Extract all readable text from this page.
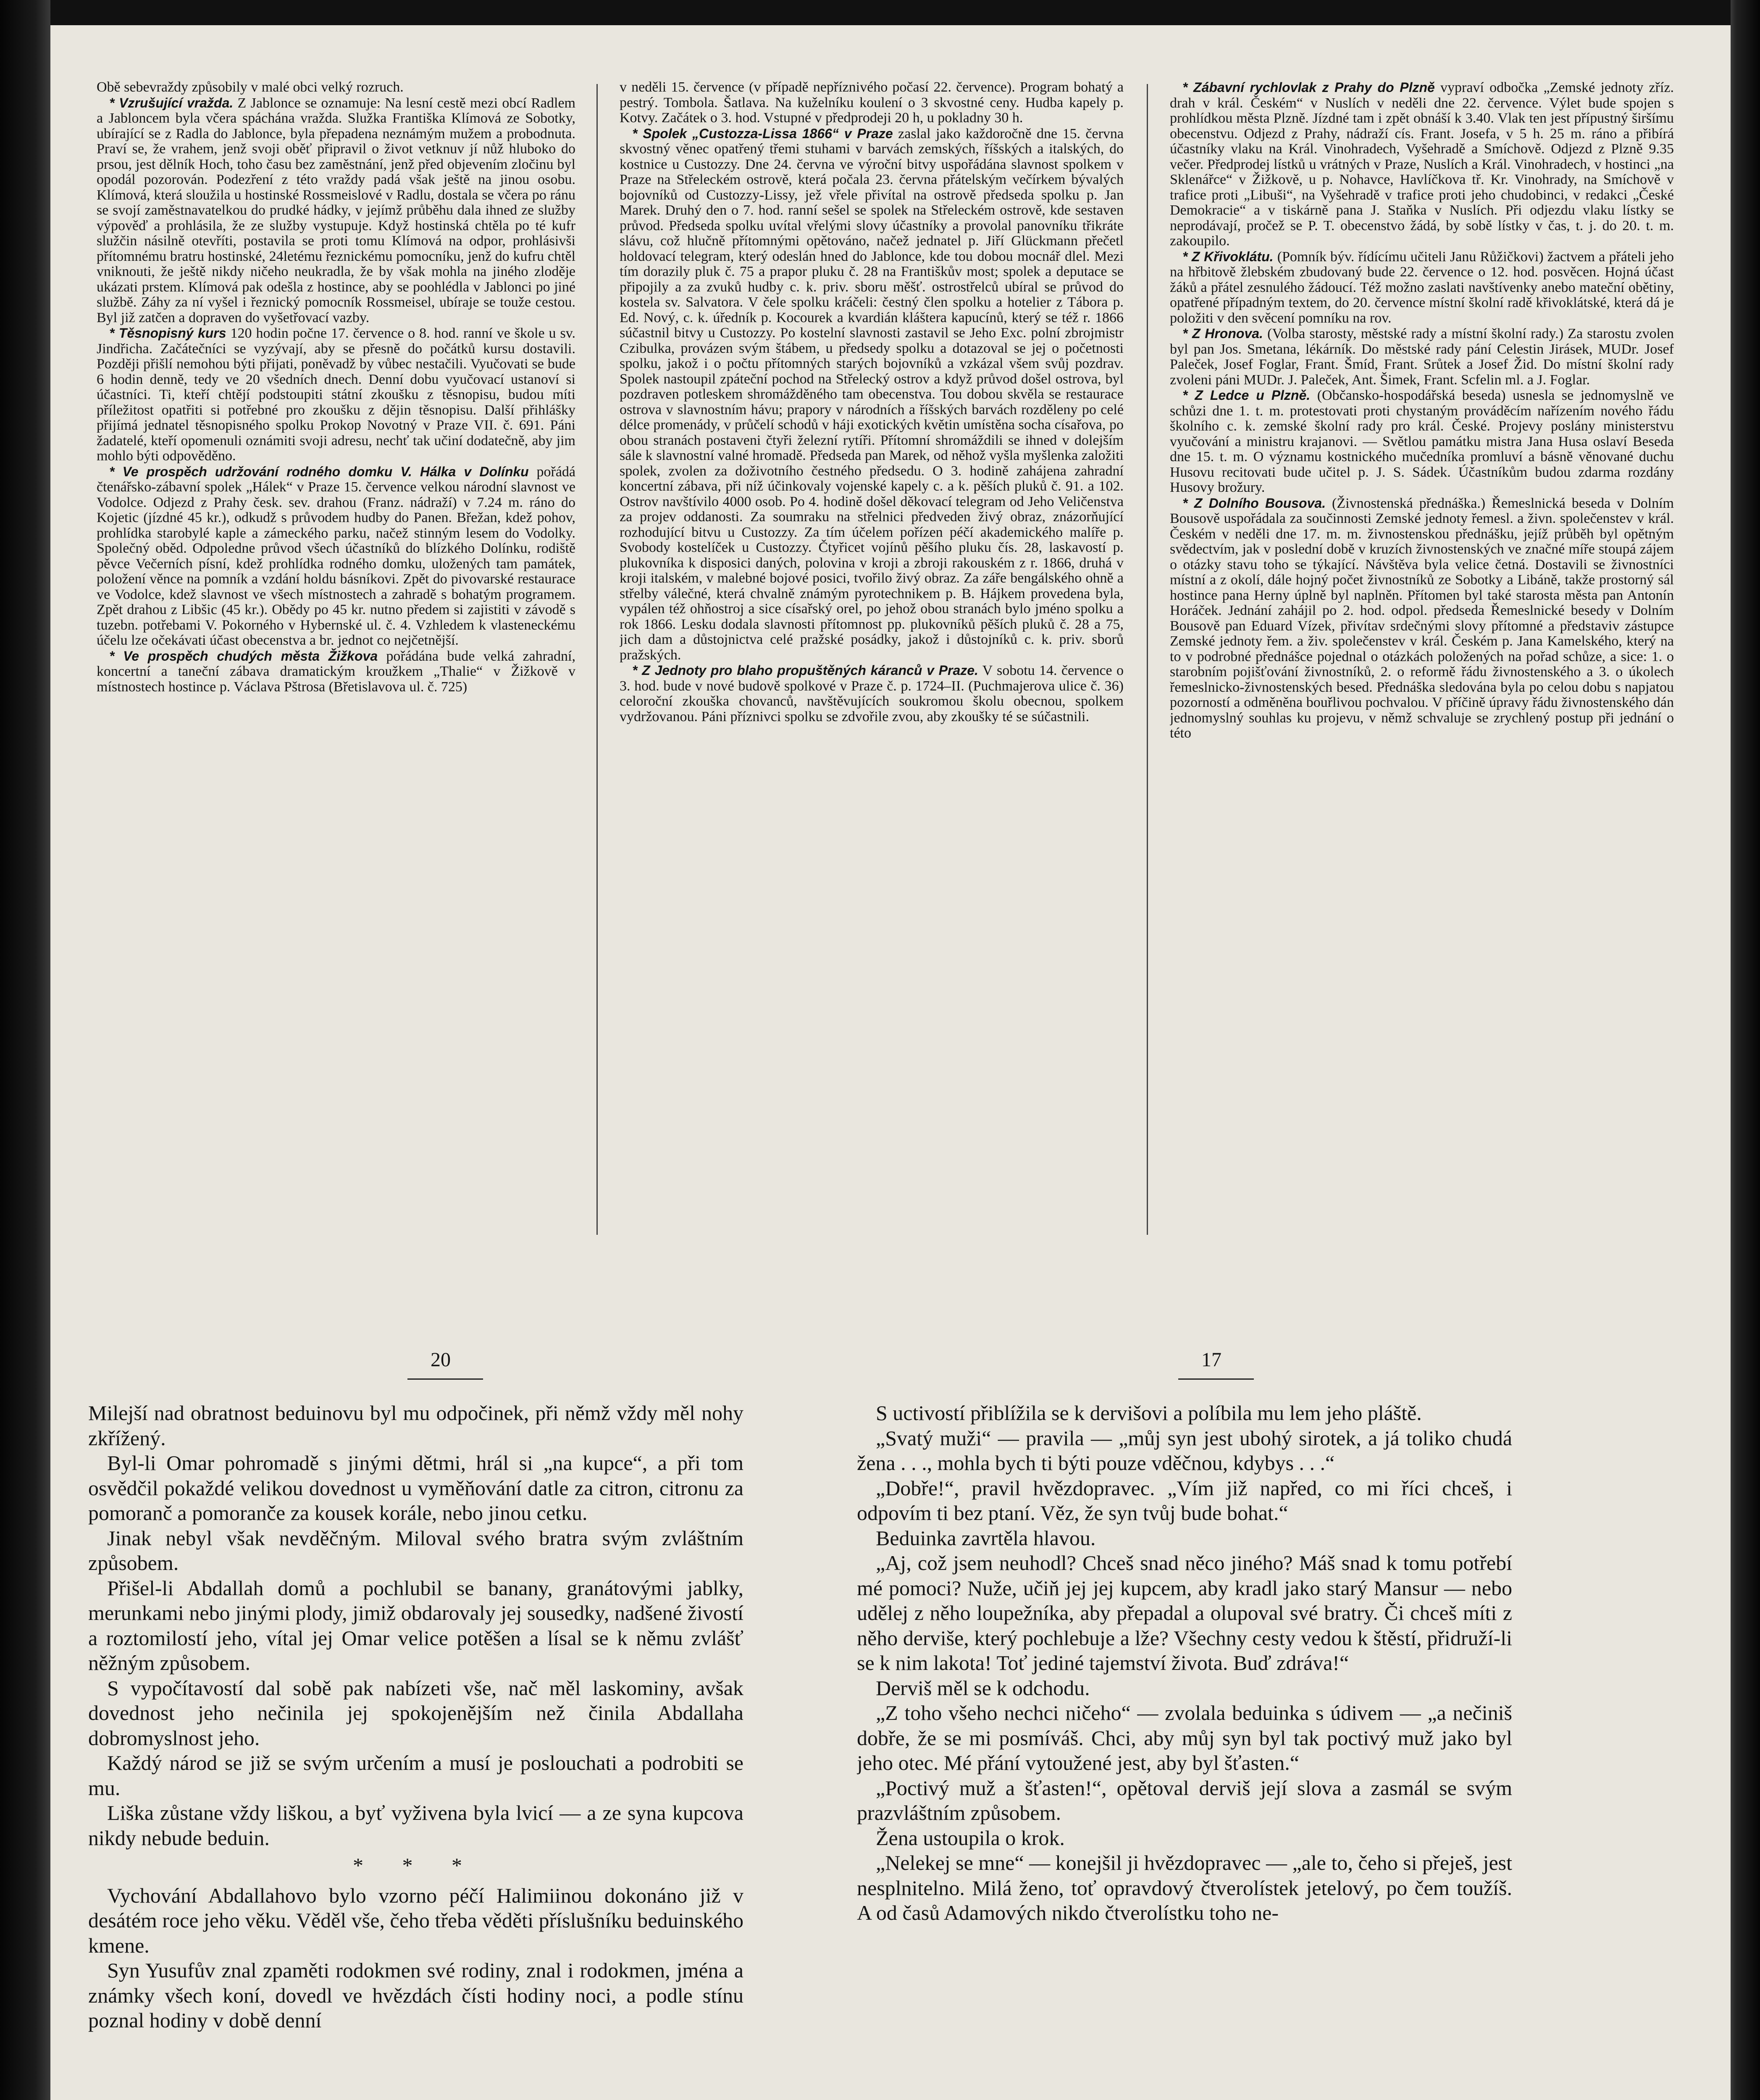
Obě sebevraždy způsobily v malé obci velký rozruch.

* Vzrušující vražda. Z Jablonce se oznamuje: Na lesní cestě mezi obcí Radlem a Jabloncem byla včera spáchána vražda. Služka Františka Klímová ze Sobotky, ubírající se z Radla do Jablonce, byla přepadena neznámým mužem a probodnuta. Praví se, že vrahem, jenž svoji oběť připravil o život vetknuv jí nůž hluboko do prsou, jest dělník Hoch, toho času bez zaměstnání, jenž před objevením zločinu byl opodál pozorován. Podezření z této vraždy padá však ještě na jinou osobu. Klímová, která sloužila u hostinské Rossmeislové v Radlu, dostala se včera po ránu se svojí zaměstnavatelkou do prudké hádky, v jejímž průběhu dala ihned ze služby výpověď a prohlásila, že ze služby vystupuje. Když hostinská chtěla po té kufr služčin násilně otevříti, postavila se proti tomu Klímová na odpor, prohlásivši přítomnému bratru hostinské, 24letému řeznickému pomocníku, jenž do kufru chtěl vniknouti, že ještě nikdy ničeho neukradla, že by však mohla na jiného zloděje ukázati prstem. Klímová pak odešla z hostince, aby se poohlédla v Jablonci po jiné službě. Záhy za ní vyšel i řeznický pomocník Rossmeisel, ubíraje se touže cestou. Byl již zatčen a dopraven do vyšetřovací vazby.

* Těsnopisný kurs 120 hodin počne 17. července o 8. hod. ranní ve škole u sv. Jindřicha. Začátečníci se vyzývají, aby se přesně do počátků kursu dostavili. Později přišlí nemohou býti přijati, poněvadž by vůbec nestačili. Vyučovati se bude 6 hodin denně, tedy ve 20 všedních dnech. Denní dobu vyučovací ustanoví si účastníci. Ti, kteří chtějí podstoupiti státní zkoušku z těsnopisu, budou míti příležitost opatřiti si potřebné pro zkoušku z dějin těsnopisu. Další přihlášky přijímá jednatel těsnopisného spolku Prokop Novotný v Praze VII. č. 691. Páni žadatelé, kteří opomenuli oznámiti svoji adresu, nechť tak učiní dodatečně, aby jim mohlo býti odpověděno.

* Ve prospěch udržování rodného domku V. Hálka v Dolínku pořádá čtenářsko-zábavní spolek „Hálek“ v Praze 15. července velkou národní slavnost ve Vodolce. Odjezd z Prahy česk. sev. drahou (Franz. nádraží) v 7.24 m. ráno do Kojetic (jízdné 45 kr.), odkudž s průvodem hudby do Panen. Břežan, kdež pohov, prohlídka starobylé kaple a zámeckého parku, načež stinným lesem do Vodolky. Společný oběd. Odpoledne průvod všech účastníků do blízkého Dolínku, rodiště pěvce Večerních písní, kdež prohlídka rodného domku, uložených tam památek, položení věnce na pomník a vzdání holdu básníkovi. Zpět do pivovarské restaurace ve Vodolce, kdež slavnost ve všech místnostech a zahradě s bohatým programem. Zpět drahou z Libšic (45 kr.). Obědy po 45 kr. nutno předem si zajistiti v závodě s tuzebn. potřebami V. Pokorného v Hybernské ul. č. 4. Vzhledem k vlasteneckému účelu lze očekávati účast obecenstva a br. jednot co nejčetnější.

* Ve prospěch chudých města Žižkova pořádána bude velká zahradní, koncertní a taneční zábava dramatickým kroužkem „Thalie“ v Žižkově v místnostech hostince p. Václava Pštrosa (Břetislavova ul. č. 725)

v neděli 15. července (v případě nepříznivého počasí 22. července). Program bohatý a pestrý. Tombola. Šatlava. Na kuželníku koulení o 3 skvostné ceny. Hudba kapely p. Kotvy. Začátek o 3. hod. Vstupné v předprodeji 20 h, u pokladny 30 h.

* Spolek „Custozza-Lissa 1866“ v Praze zaslal jako každoročně dne 15. června skvostný věnec opatřený třemi stuhami v barvách zemských, říšských a italských, do kostnice u Custozzy. Dne 24. června ve výroční bitvy uspořádána slavnost spolkem v Praze na Střeleckém ostrově, která počala 23. června přátelským večírkem bývalých bojovníků od Custozzy-Lissy, jež vřele přivítal na ostrově předseda spolku p. Jan Marek. Druhý den o 7. hod. ranní sešel se spolek na Střeleckém ostrově, kde sestaven průvod. Předseda spolku uvítal vřelými slovy účastníky a provolal panovníku třikráte slávu, což hlučně přítomnými opětováno, načež jednatel p. Jiří Glückmann přečetl holdovací telegram, který odeslán hned do Jablonce, kde tou dobou mocnář dlel. Mezi tím dorazily pluk č. 75 a prapor pluku č. 28 na Františkův most; spolek a deputace se připojily a za zvuků hudby c. k. priv. sboru měšť. ostrostřelců ubíral se průvod do kostela sv. Salvatora. V čele spolku kráčeli: čestný člen spolku a hotelier z Tábora p. Ed. Nový, c. k. úředník p. Kocourek a kvardián kláštera kapucínů, který se též r. 1866 súčastnil bitvy u Custozzy. Po kostelní slavnosti zastavil se Jeho Exc. polní zbrojmistr Czibulka, provázen svým štábem, u předsedy spolku a dotazoval se jej o početnosti spolku, jakož i o počtu přítomných starých bojovníků a vzkázal všem svůj pozdrav. Spolek nastoupil zpáteční pochod na Střelecký ostrov a když průvod došel ostrova, byl pozdraven potleskem shromážděného tam obecenstva. Tou dobou skvěla se restaurace ostrova v slavnostním hávu; prapory v národních a říšských barvách rozděleny po celé délce promenády, v průčelí schodů v háji exotických květin umístěna socha císařova, po obou stranách postaveni čtyři železní rytíři. Přítomní shromáždili se ihned v dolejším sále k slavnostní valné hromadě. Předseda pan Marek, od něhož vyšla myšlenka založiti spolek, zvolen za doživotního čestného předsedu. O 3. hodině zahájena zahradní koncertní zábava, při níž účinkovaly vojenské kapely c. a k. pěších pluků č. 91. a 102. Ostrov navštívilo 4000 osob. Po 4. hodině došel děkovací telegram od Jeho Veličenstva za projev oddanosti. Za soumraku na střelnici předveden živý obraz, znázorňující rozhodující bitvu u Custozzy. Za tím účelem pořízen péčí akademického malíře p. Svobody kostelíček u Custozzy. Čtyřicet vojínů pěšího pluku čís. 28, laskavostí p. plukovníka k disposici daných, polovina v kroji a zbroji rakouském z r. 1866, druhá v kroji italském, v malebné bojové posici, tvořilo živý obraz. Za záře bengálského ohně a střelby válečné, která chvalně známým pyrotechnikem p. B. Hájkem provedena byla, vypálen též ohňostroj a sice císařský orel, po jehož obou stranách bylo jméno spolku a rok 1866. Lesku dodala slavnosti přítomnost pp. plukovníků pěších pluků č. 28 a 75, jich dam a důstojnictva celé pražské posádky, jakož i důstojníků c. k. priv. sborů pražských.

* Z Jednoty pro blaho propuštěných káranců v Praze. V sobotu 14. července o 3. hod. bude v nové budově spolkové v Praze č. p. 1724–II. (Puchmajerova ulice č. 36) celoroční zkouška chovanců, navštěvujících soukromou školu obecnou, spolkem vydržovanou. Páni příznivci spolku se zdvořile zvou, aby zkoušky té se súčastnili.

* Zábavní rychlovlak z Prahy do Plzně vypraví odbočka „Zemské jednoty zříz. drah v král. Českém“ v Nuslích v neděli dne 22. července. Výlet bude spojen s prohlídkou města Plzně. Jízdné tam i zpět obnáší k 3.40. Vlak ten jest přípustný širšímu obecenstvu. Odjezd z Prahy, nádraží cís. Frant. Josefa, v 5 h. 25 m. ráno a přibírá účastníky vlaku na Král. Vinohradech, Vyšehradě a Smíchově. Odjezd z Plzně 9.35 večer. Předprodej lístků u vrátných v Praze, Nuslích a Král. Vinohradech, v hostinci „na Sklenářce“ v Žižkově, u p. Nohavce, Havlíčkova tř. Kr. Vinohrady, na Smíchově v trafice proti „Libuši“, na Vyšehradě v trafice proti jeho chudobinci, v redakci „České Demokracie“ a v tiskárně pana J. Staňka v Nuslích. Při odjezdu vlaku lístky se neprodávají, pročež se P. T. obecenstvo žádá, by sobě lístky v čas, t. j. do 20. t. m. zakoupilo.

* Z Křivoklátu. (Pomník býv. řídícímu učiteli Janu Růžičkovi) žactvem a přáteli jeho na hřbitově žlebském zbudovaný bude 22. července o 12. hod. posvěcen. Hojná účast žáků a přátel zesnulého žádoucí. Též možno zaslati navštívenky anebo mateční obětiny, opatřené případným textem, do 20. července místní školní radě křivoklátské, která dá je položiti v den svěcení pomníku na rov.

* Z Hronova. (Volba starosty, městské rady a místní školní rady.) Za starostu zvolen byl pan Jos. Smetana, lékárník. Do městské rady pání Celestin Jirásek, MUDr. Josef Paleček, Josef Foglar, Frant. Šmíd, Frant. Srůtek a Josef Žid. Do místní školní rady zvoleni páni MUDr. J. Paleček, Ant. Šimek, Frant. Scfelin ml. a J. Foglar.

* Z Ledce u Plzně. (Občansko-hospodářská beseda) usnesla se jednomyslně ve schůzi dne 1. t. m. protestovati proti chystaným prováděcím nařízením nového řádu školního c. k. zemské školní rady pro král. České. Projevy poslány ministerstvu vyučování a ministru krajanovi. — Světlou památku mistra Jana Husa oslaví Beseda dne 15. t. m. O významu kostnického mučedníka promluví a básně věnované duchu Husovu recitovati bude učitel p. J. S. Sádek. Účastníkům budou zdarma rozdány Husovy brožury.

* Z Dolního Bousova. (Živnostenská přednáška.) Řemeslnická beseda v Dolním Bousově uspořádala za součinnosti Zemské jednoty řemesl. a živn. společenstev v král. Českém v neděli dne 17. m. m. živnostenskou přednášku, jejíž průběh byl opětným svědectvím, jak v poslední době v kruzích živnostenských ve značné míře stoupá zájem o otázky stavu toho se týkající. Návštěva byla velice četná. Dostavili se živnostníci místní a z okolí, dále hojný počet živnostníků ze Sobotky a Libáně, takže prostorný sál hostince pana Herny úplně byl naplněn. Přítomen byl také starosta města pan Antonín Horáček. Jednání zahájil po 2. hod. odpol. předseda Řemeslnické besedy v Dolním Bousově pan Eduard Vízek, přivítav srdečnými slovy přítomné a představiv zástupce Zemské jednoty řem. a živ. společenstev v král. Českém p. Jana Kamelského, který na to v podrobné přednášce pojednal o otázkách položených na pořad schůze, a sice: 1. o starobním pojišťování živnostníků, 2. o reformě řádu živnostenského a 3. o úkolech řemeslnicko-živnostenských besed. Přednáška sledována byla po celou dobu s napjatou pozorností a odměněna bouřlivou pochvalou. V příčině úpravy řádu živnostenského dán jednomyslný souhlas ku projevu, v němž schvaluje se zrychlený postup při jednání o této

20	17

Milejší nad obratnost beduinovu byl mu odpočinek, při němž vždy měl nohy zkřížený.

Byl-li Omar pohromadě s jinými dětmi, hrál si „na kupce“, a při tom osvědčil pokaždé velikou dovednost u vyměňování datle za citron, citronu za pomoranč a pomoranče za kousek korále, nebo jinou cetku.

Jinak nebyl však nevděčným. Miloval svého bratra svým zvláštním způsobem.

Přišel-li Abdallah domů a pochlubil se banany, granátovými jablky, merunkami nebo jinými plody, jimiž obdarovaly jej sousedky, nadšené živostí a roztomilostí jeho, vítal jej Omar velice potěšen a lísal se k němu zvlášť něžným způsobem.

S vypočítavostí dal sobě pak nabízeti vše, nač měl laskominy, avšak dovednost jeho nečinila jej spokojenějším než činila Abdallaha dobromyslnost jeho.

Každý národ se již se svým určením a musí je poslouchati a podrobiti se mu.

Liška zůstane vždy liškou, a byť vyživena byla lvicí — a ze syna kupcova nikdy nebude beduin.

* * *

Vychování Abdallahovo bylo vzorno péčí Halimiinou dokonáno již v desátém roce jeho věku. Věděl vše, čeho třeba věděti příslušníku beduinského kmene.

Syn Yusufův znal zpaměti rodokmen své rodiny, znal i rodokmen, jména a známky všech koní, dovedl ve hvězdách čísti hodiny noci, a podle stínu poznal hodiny v době denní

S uctivostí přiblížila se k dervišovi a políbila mu lem jeho pláště.

„Svatý muži“ — pravila — „můj syn jest ubohý sirotek, a já toliko chudá žena . . ., mohla bych ti býti pouze vděčnou, kdybys . . .“

„Dobře!“, pravil hvězdopravec. „Vím již napřed, co mi říci chceš, i odpovím ti bez ptaní. Věz, že syn tvůj bude bohat.“

Beduinka zavrtěla hlavou.

„Aj, což jsem neuhodl? Chceš snad něco jiného? Máš snad k tomu potřebí mé pomoci? Nuže, učiň jej jej kupcem, aby kradl jako starý Mansur — nebo udělej z něho loupežníka, aby přepadal a olupoval své bratry. Či chceš míti z něho derviše, který pochlebuje a lže? Všechny cesty vedou k štěstí, přidruží-li se k nim lakota! Toť jediné tajemství života. Buď zdráva!“

Derviš měl se k odchodu.

„Z toho všeho nechci ničeho“ — zvolala beduinka s údivem — „a nečiniš dobře, že se mi posmíváš. Chci, aby můj syn byl tak poctivý muž jako byl jeho otec. Mé přání vytoužené jest, aby byl šťasten.“

„Poctivý muž a šťasten!“, opětoval derviš její slova a zasmál se svým prazvláštním způsobem.

Žena ustoupila o krok.

„Nelekej se mne“ — konejšil ji hvězdopravec — „ale to, čeho si přeješ, jest nesplnitelno. Milá ženo, toť opravdový čtverolístek jetelový, po čem toužíš. A od časů Adamových nikdo čtverolístku toho ne-
